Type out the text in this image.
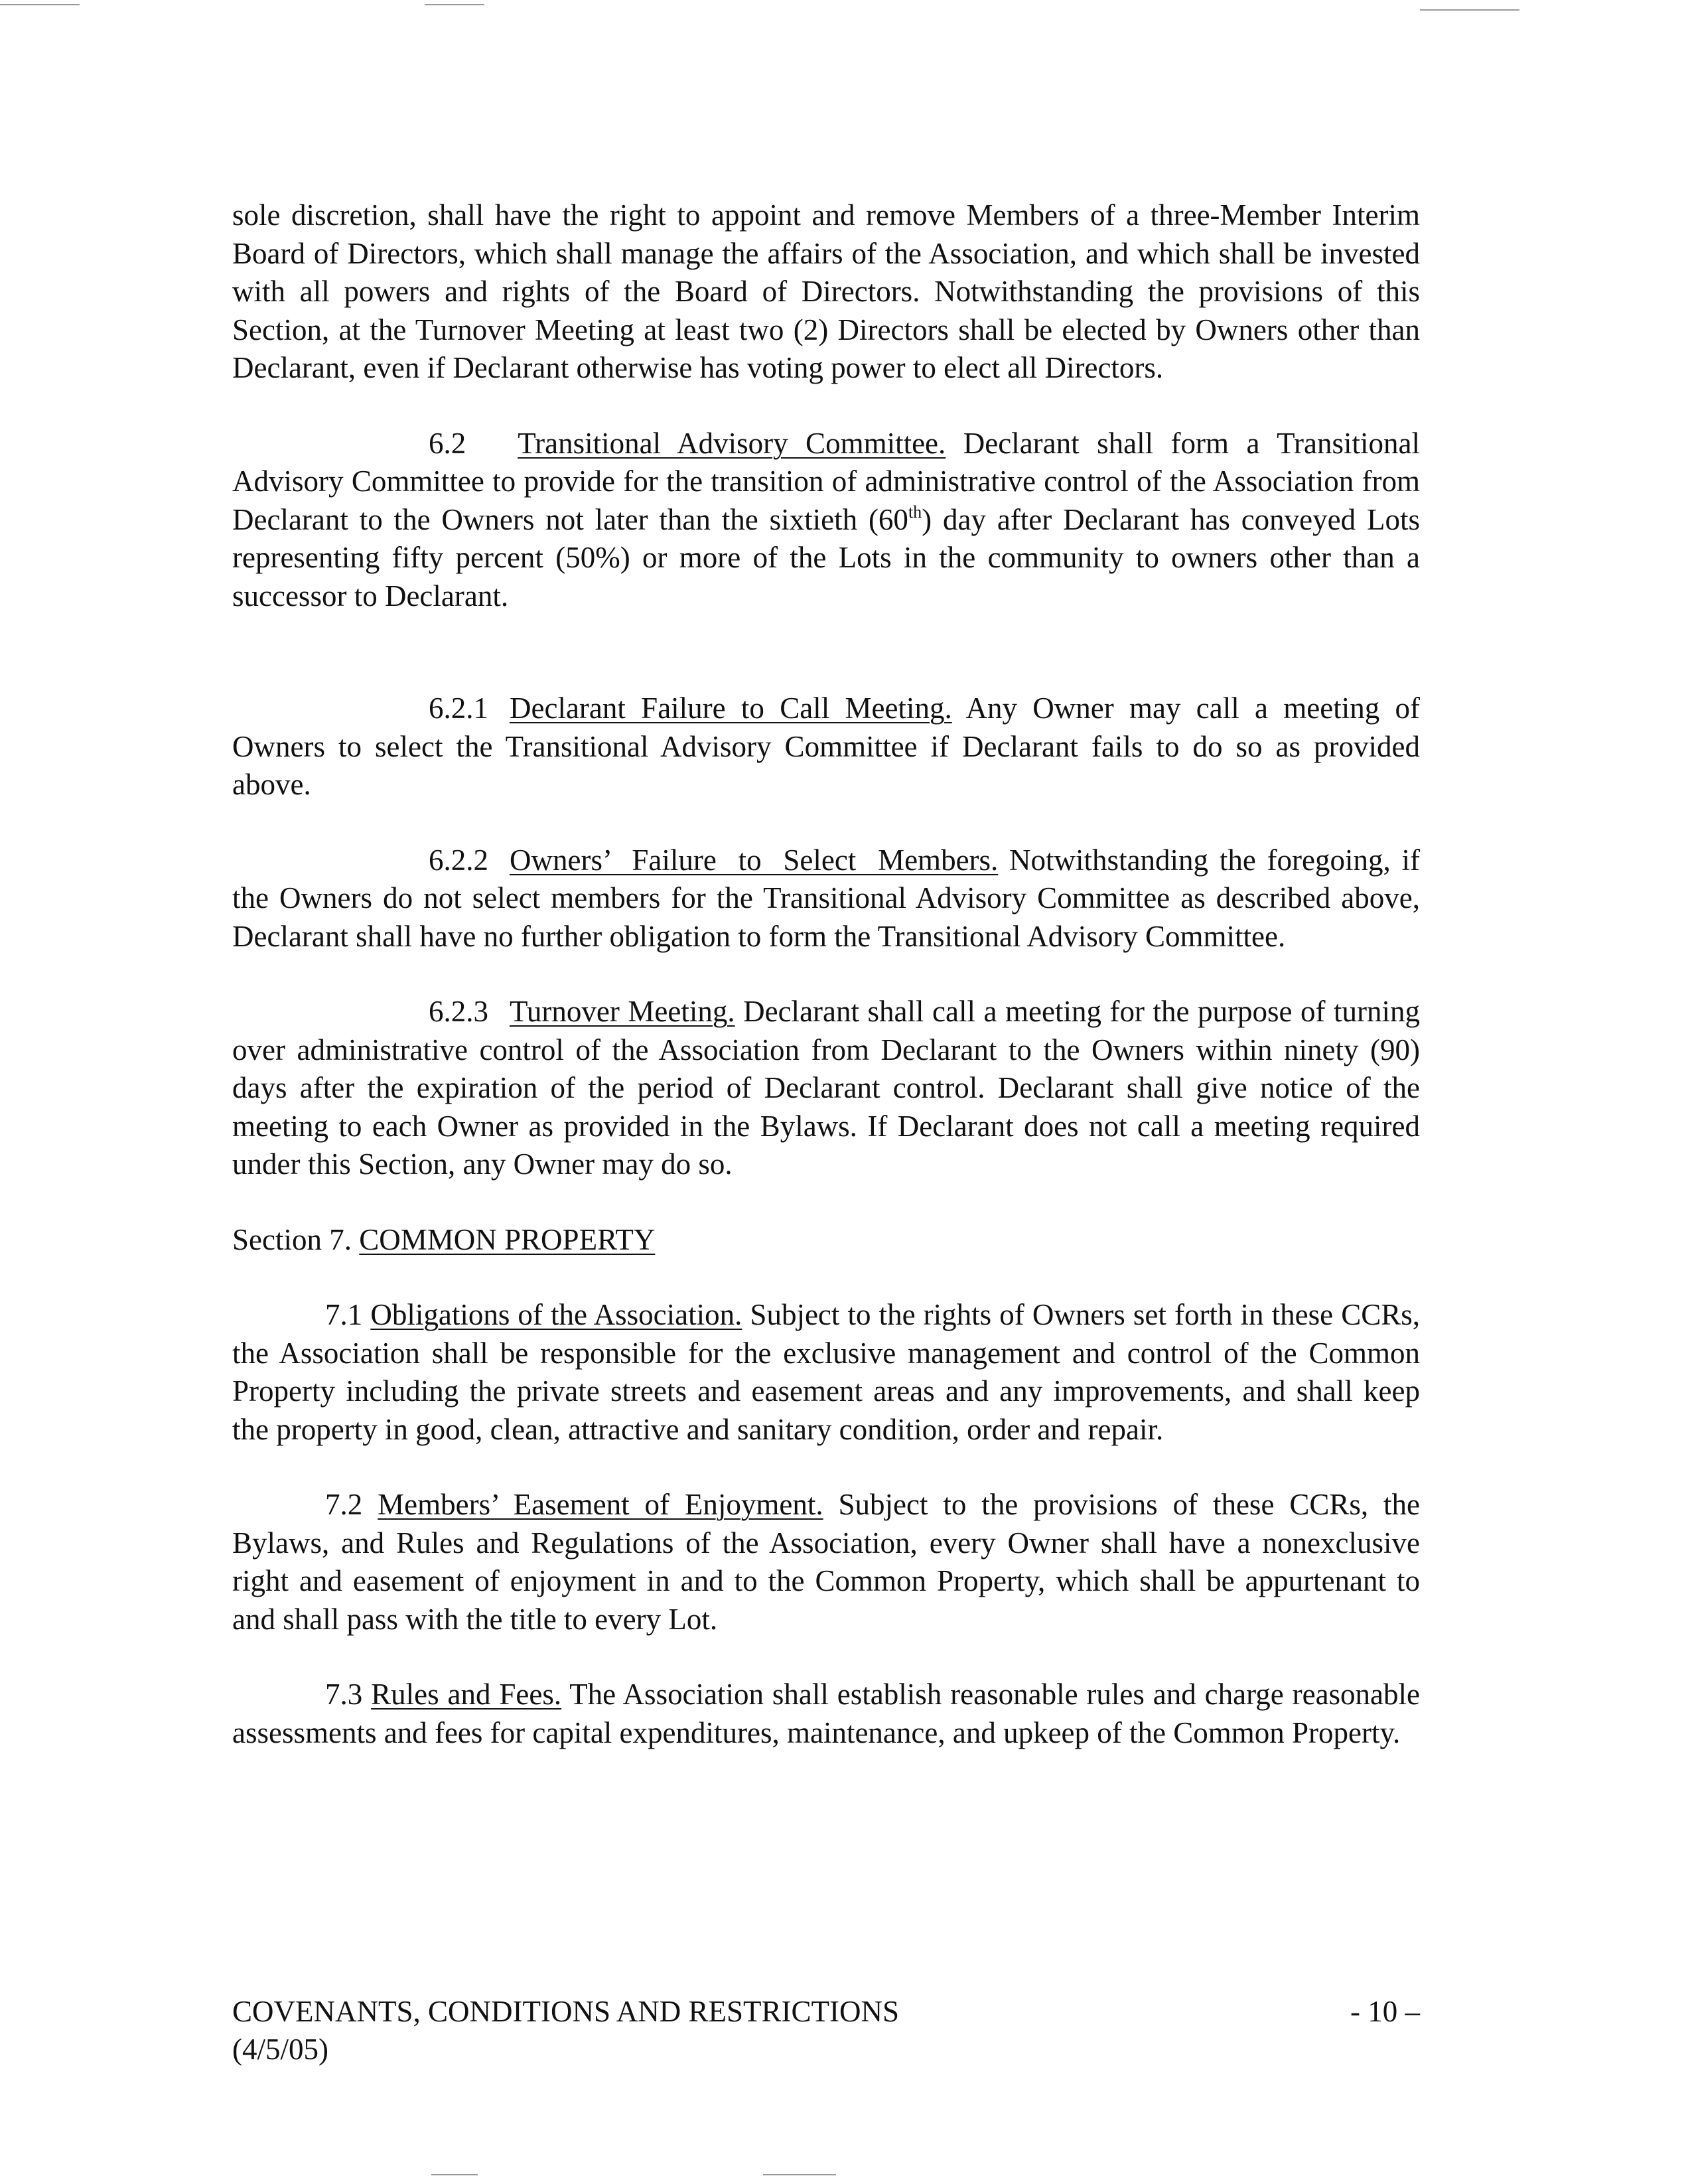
sole discretion, shall have the right to appoint and remove Members of a three-Member Interim Board of Directors, which shall manage the affairs of the Association, and which shall be invested with all powers and rights of the Board of Directors. Notwithstanding the provisions of this Section, at the Turnover Meeting at least two (2) Directors shall be elected by Owners other than Declarant, even if Declarant otherwise has voting power to elect all Directors.

6.2 Transitional Advisory Committee. Declarant shall form a Transitional Advisory Committee to provide for the transition of administrative control of the Association from Declarant to the Owners not later than the sixtieth (60th) day after Declarant has conveyed Lots representing fifty percent (50%) or more of the Lots in the community to owners other than a successor to Declarant.

6.2.1 Declarant Failure to Call Meeting. Any Owner may call a meeting of Owners to select the Transitional Advisory Committee if Declarant fails to do so as provided above.

6.2.2 Owners’ Failure to Select Members. Notwithstanding the foregoing, if the Owners do not select members for the Transitional Advisory Committee as described above, Declarant shall have no further obligation to form the Transitional Advisory Committee.

6.2.3 Turnover Meeting. Declarant shall call a meeting for the purpose of turning over administrative control of the Association from Declarant to the Owners within ninety (90) days after the expiration of the period of Declarant control. Declarant shall give notice of the meeting to each Owner as provided in the Bylaws. If Declarant does not call a meeting required under this Section, any Owner may do so.

Section 7. COMMON PROPERTY

7.1 Obligations of the Association. Subject to the rights of Owners set forth in these CCRs, the Association shall be responsible for the exclusive management and control of the Common Property including the private streets and easement areas and any improvements, and shall keep the property in good, clean, attractive and sanitary condition, order and repair.

7.2 Members’ Easement of Enjoyment. Subject to the provisions of these CCRs, the Bylaws, and Rules and Regulations of the Association, every Owner shall have a nonexclusive right and easement of enjoyment in and to the Common Property, which shall be appurtenant to and shall pass with the title to every Lot.

7.3 Rules and Fees. The Association shall establish reasonable rules and charge reasonable assessments and fees for capital expenditures, maintenance, and upkeep of the Common Property.

COVENANTS, CONDITIONS AND RESTRICTIONS
(4/5/05)
- 10 –
